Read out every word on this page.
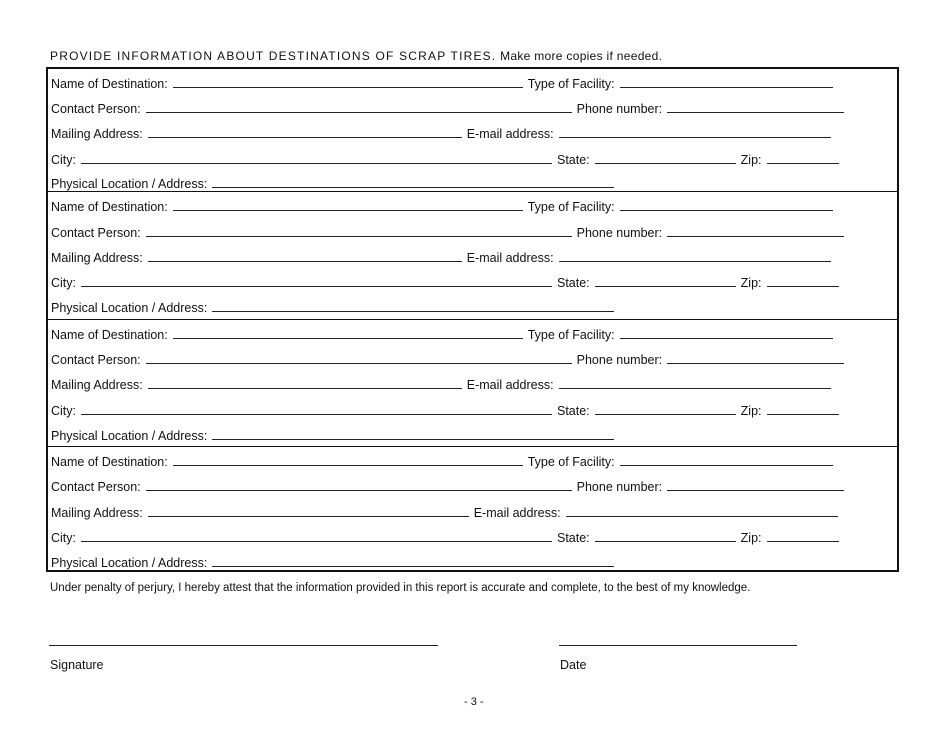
PROVIDE INFORMATION ABOUT DESTINATIONS OF SCRAP TIRES. Make more copies if needed.
Name of Destination:	Type of Facility:
Contact Person:	Phone number:
Mailing Address:	E-mail address:
City:	State:	Zip:
Physical Location / Address:
Name of Destination:	Type of Facility:
Contact Person:	Phone number:
Mailing Address:	E-mail address:
City:	State:	Zip:
Physical Location / Address:
Name of Destination:	Type of Facility:
Contact Person:	Phone number:
Mailing Address:	E-mail address:
City:	State:	Zip:
Physical Location / Address:
Name of Destination:	Type of Facility:
Contact Person:	Phone number:
Mailing Address:	E-mail address:
City:	State:	Zip:
Physical Location / Address:
Under penalty of perjury, I hereby attest that the information provided in this report is accurate and complete, to the best of my knowledge.
Signature	Date
- 3 -
